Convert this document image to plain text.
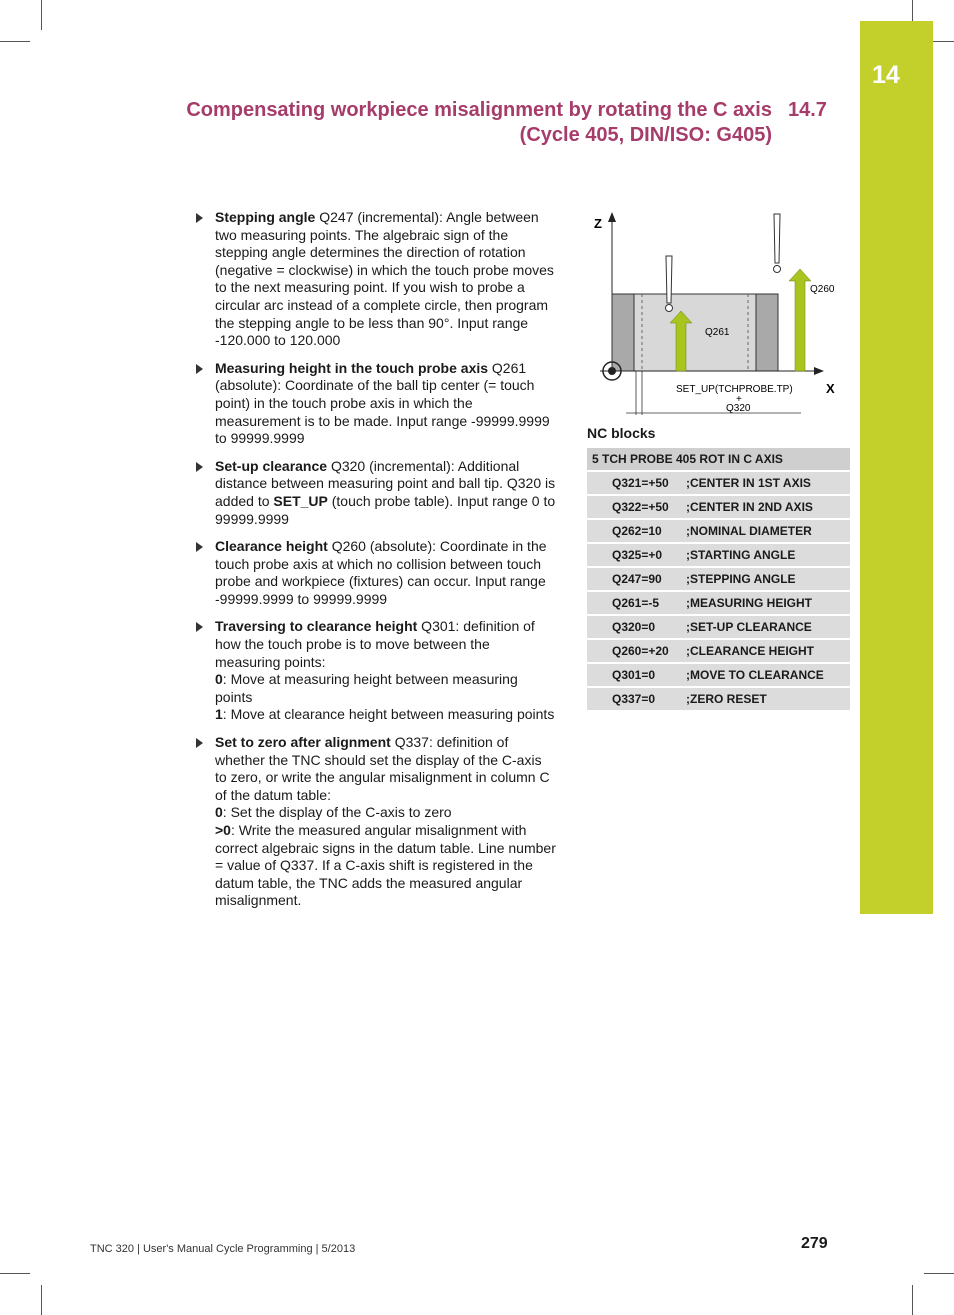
14
Compensating workpiece misalignment by rotating the C axis
(Cycle 405, DIN/ISO: G405)
14.7
Stepping angle Q247 (incremental): Angle between two measuring points. The algebraic sign of the stepping angle determines the direction of rotation (negative = clockwise) in which the touch probe moves to the next measuring point. If you wish to probe a circular arc instead of a complete circle, then program the stepping angle to be less than 90°. Input range -120.000 to 120.000
Measuring height in the touch probe axis Q261 (absolute): Coordinate of the ball tip center (= touch point) in the touch probe axis in which the measurement is to be made. Input range -99999.9999 to 99999.9999
Set-up clearance Q320 (incremental): Additional distance between measuring point and ball tip. Q320 is added to SET_UP (touch probe table). Input range 0 to 99999.9999
Clearance height Q260 (absolute): Coordinate in the touch probe axis at which no collision between touch probe and workpiece (fixtures) can occur. Input range -99999.9999 to 99999.9999
Traversing to clearance height Q301: definition of how the touch probe is to move between the measuring points:
0: Move at measuring height between measuring points
1: Move at clearance height between measuring points
Set to zero after alignment Q337: definition of whether the TNC should set the display of the C-axis to zero, or write the angular misalignment in column C of the datum table:
0: Set the display of the C-axis to zero
>0: Write the measured angular misalignment with correct algebraic signs in the datum table. Line number = value of Q337. If a C-axis shift is registered in the datum table, the TNC adds the measured angular misalignment.
Z
X
Q261
Q260
SET_UP(TCHPROBE.TP)
+
Q320
NC blocks
5 TCH PROBE 405 ROT IN C AXIS
Q321=+50	;CENTER IN 1ST AXIS
Q322=+50	;CENTER IN 2ND AXIS
Q262=10	;NOMINAL DIAMETER
Q325=+0	;STARTING ANGLE
Q247=90	;STEPPING ANGLE
Q261=-5	;MEASURING HEIGHT
Q320=0	;SET-UP CLEARANCE
Q260=+20	;CLEARANCE HEIGHT
Q301=0	;MOVE TO CLEARANCE
Q337=0	;ZERO RESET
TNC 320 | User's Manual Cycle Programming | 5/2013	279
